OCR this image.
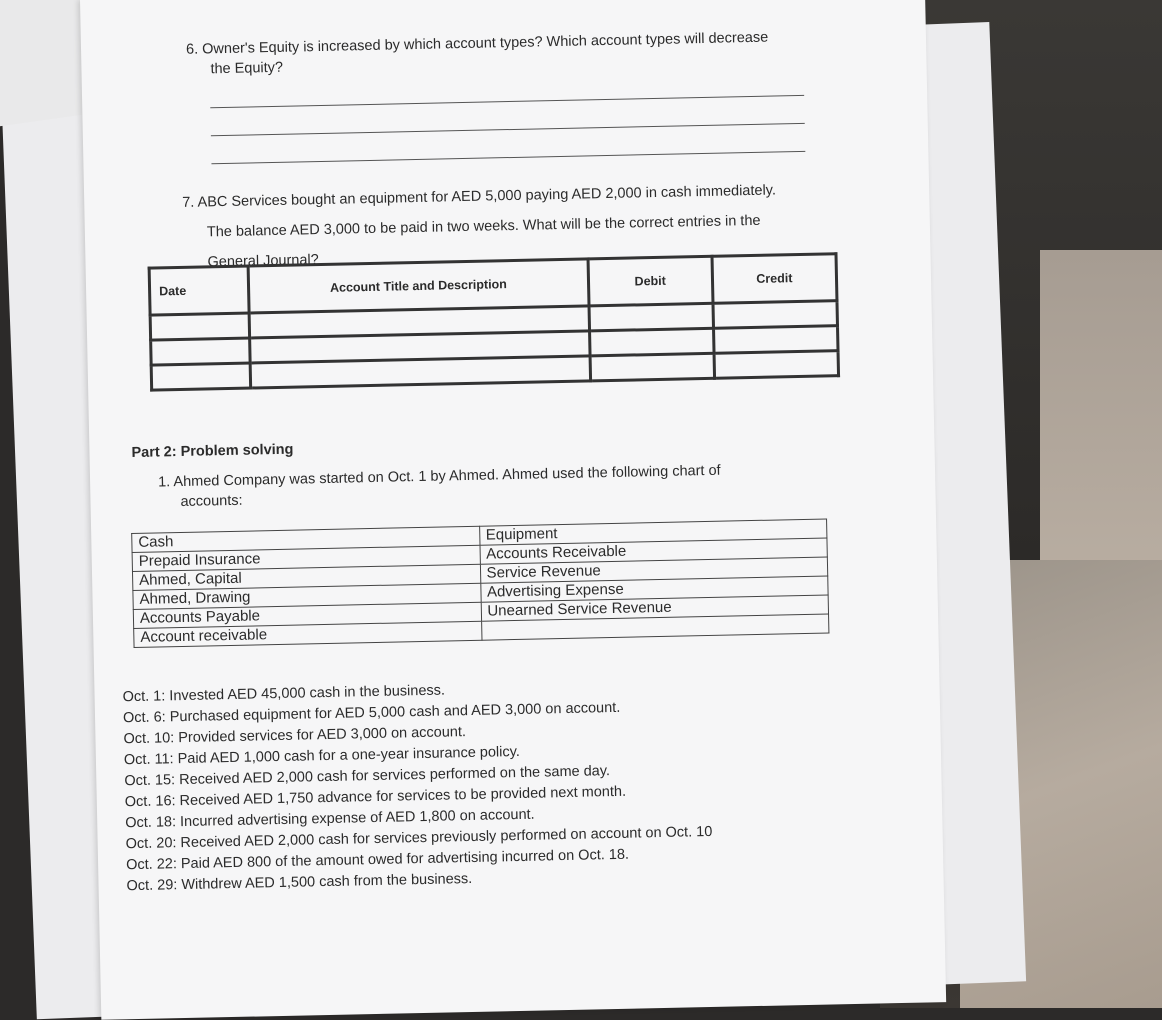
6. Owner's Equity is increased by which account types? Which account types will decrease
the Equity?
7. ABC Services bought an equipment for AED 5,000 paying AED 2,000 in cash immediately.
The balance AED 3,000 to be paid in two weeks. What will be the correct entries in the
General Journal?
Date	Account Title and Description	Debit	Credit

Part 2: Problem solving
1. Ahmed Company was started on Oct. 1 by Ahmed. Ahmed used the following chart of
accounts:
Cash	Equipment
Prepaid Insurance	Accounts Receivable
Ahmed, Capital	Service Revenue
Ahmed, Drawing	Advertising Expense
Accounts Payable	Unearned Service Revenue
Account receivable	
Oct. 1: Invested AED 45,000 cash in the business.
Oct. 6: Purchased equipment for AED 5,000 cash and AED 3,000 on account.
Oct. 10: Provided services for AED 3,000 on account.
Oct. 11: Paid AED 1,000 cash for a one-year insurance policy.
Oct. 15: Received AED 2,000 cash for services performed on the same day.
Oct. 16: Received AED 1,750 advance for services to be provided next month.
Oct. 18: Incurred advertising expense of AED 1,800 on account.
Oct. 20: Received AED 2,000 cash for services previously performed on account on Oct. 10
Oct. 22: Paid AED 800 of the amount owed for advertising incurred on Oct. 18.
Oct. 29: Withdrew AED 1,500 cash from the business.
